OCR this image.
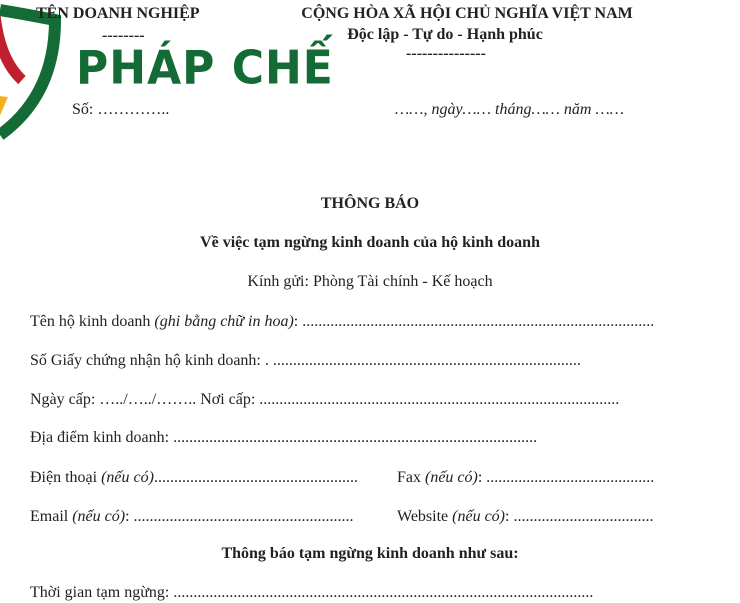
PHÁP CHẾ
TÊN DOANH NGHIỆP
--------
CỘNG HÒA XÃ HỘI CHỦ NGHĨA VIỆT NAM
Độc lập - Tự do - Hạnh phúc
---------------
Số: …………..	……, ngày…… tháng…… năm ……
THÔNG BÁO
Về việc tạm ngừng kinh doanh của hộ kinh doanh
Kính gửi: Phòng Tài chính - Kế hoạch
Tên hộ kinh doanh (ghi bằng chữ in hoa): ........................................................................................
Số Giấy chứng nhận hộ kinh doanh: . .............................................................................
Ngày cấp: …../…../…….. Nơi cấp: ..........................................................................................
Địa điểm kinh doanh: ...........................................................................................
Điện thoại (nếu có)................................................... Fax (nếu có): ..........................................
Email (nếu có): .......................................................	Website (nếu có): ...................................
Thông báo tạm ngừng kinh doanh như sau:
Thời gian tạm ngừng: .........................................................................................................
